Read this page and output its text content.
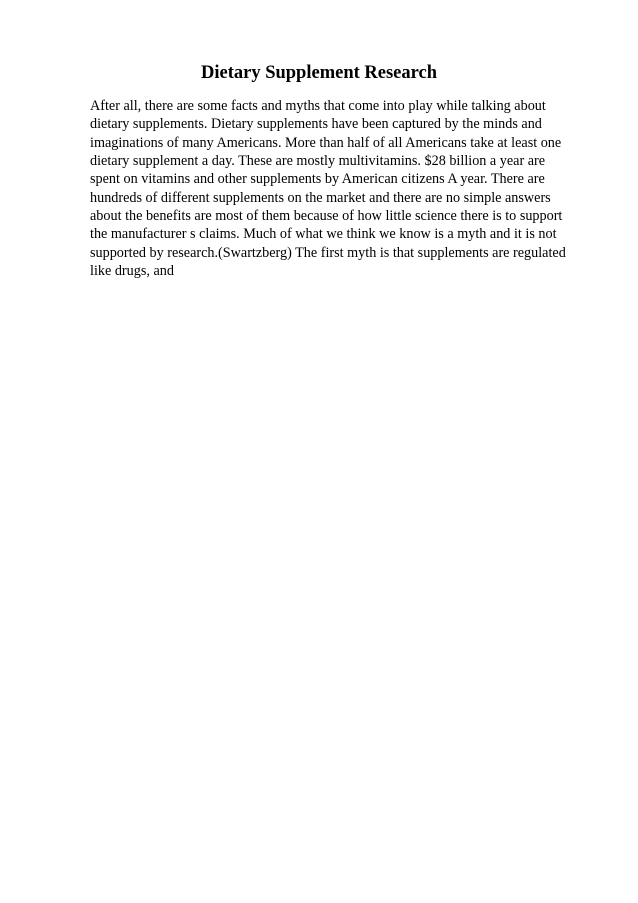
Dietary Supplement Research

After all, there are some facts and myths that come into play while talking about
dietary supplements. Dietary supplements have been captured by the minds and
imaginations of many Americans. More than half of all Americans take at least one
dietary supplement a day. These are mostly multivitamins. $28 billion a year are
spent on vitamins and other supplements by American citizens A year. There are
hundreds of different supplements on the market and there are no simple answers
about the benefits are most of them because of how little science there is to support
the manufacturer s claims. Much of what we think we know is a myth and it is not
supported by research.(Swartzberg) The first myth is that supplements are regulated
like drugs, and
